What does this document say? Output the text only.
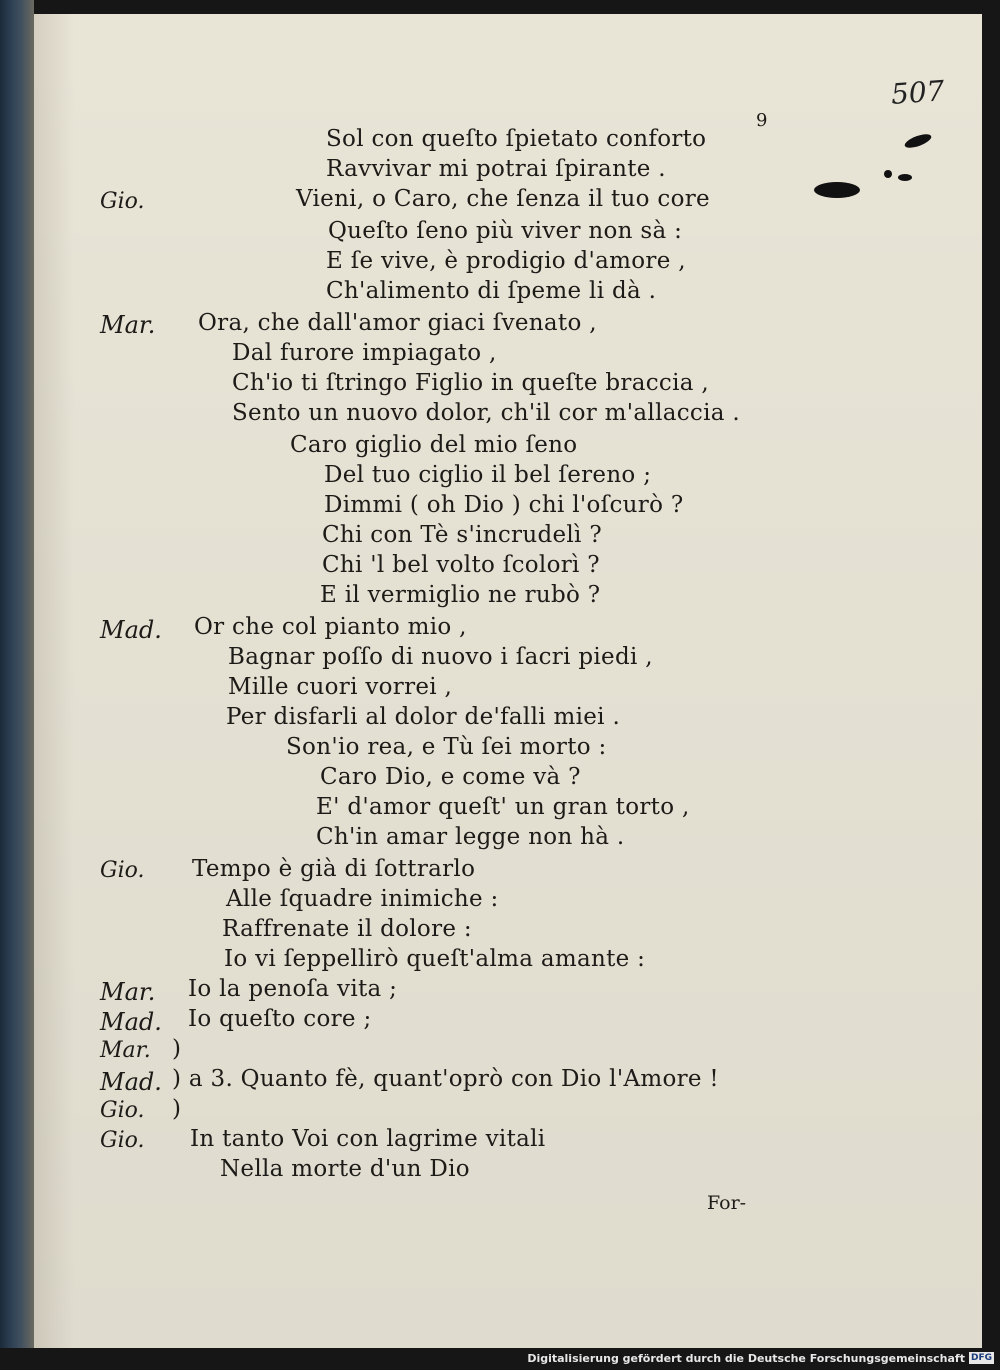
507
9
Sol con queſto ſpietato conforto
Ravvivar mi potrai ſpirante .
Gio.	Vieni, o Caro, che ſenza il tuo core
Queſto ſeno più viver non sà :
E ſe vive, è prodigio d'amore ,
Ch'alimento di ſpeme li dà .
Mar. Ora, che dall'amor giaci ſvenato ,
Dal furore impiagato ,
Ch'io ti ſtringo Figlio in queſte braccia ,
Sento un nuovo dolor, ch'il cor m'allaccia .
Caro giglio del mio ſeno
Del tuo ciglio il bel ſereno ;
Dimmi ( oh Dio ) chi l'oſcurò ?
Chi con Tè s'incrudelì ?
Chi 'l bel volto ſcolorì ?
E il vermiglio ne rubò ?
Mad. Or che col pianto mio ,
Bagnar poſſo di nuovo i ſacri piedi ,
Mille cuori vorrei ,
Per disfarli al dolor de'falli miei .
Son'io rea, e Tù ſei morto :
Caro Dio, e come và ?
E' d'amor queſt' un gran torto ,
Ch'in amar legge non hà .
Gio. Tempo è già di ſottrarlo
Alle ſquadre inimiche :
Raffrenate il dolore :
Io vi ſeppellirò queſt'alma amante :
Mar. Io la penoſa vita ;
Mad. Io queſto core ;
Mar. )
Mad. ) a 3. Quanto fè, quant'oprò con Dio l'Amore !
Gio. )
Gio. In tanto Voi con lagrime vitali
Nella morte d'un Dio
For-
Digitalisierung gefördert durch die Deutsche Forschungsgemeinschaft DFG
